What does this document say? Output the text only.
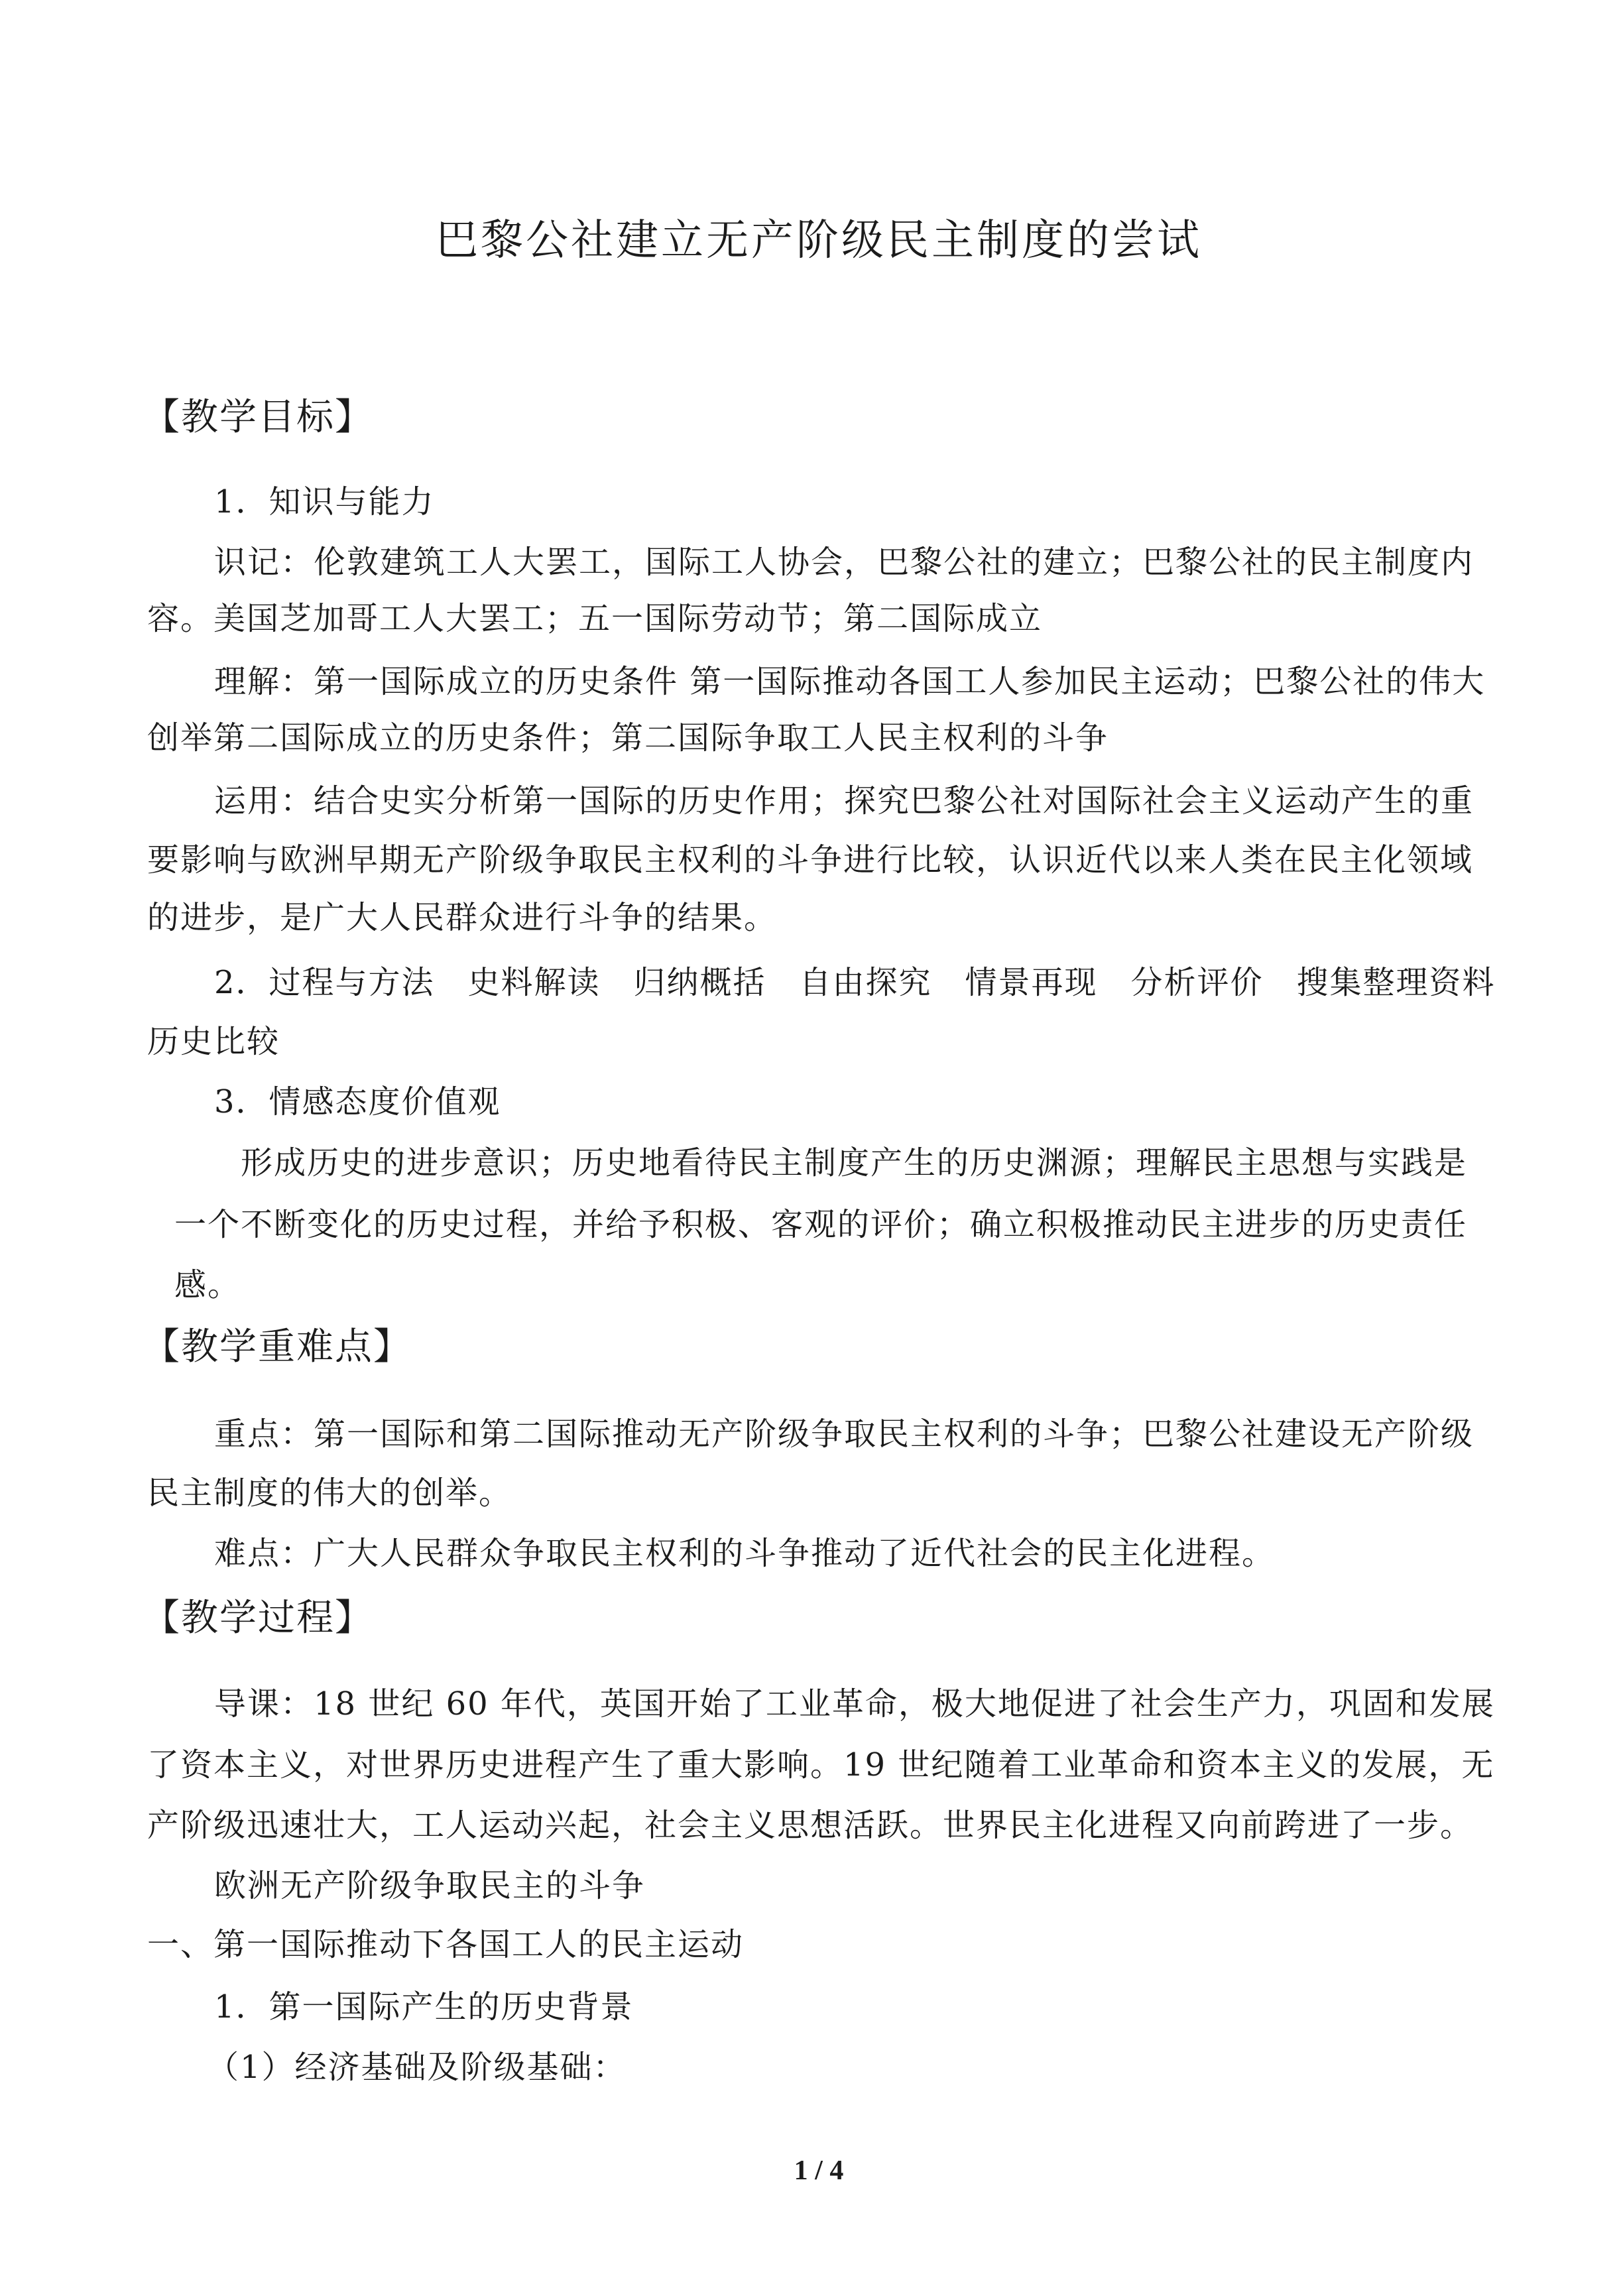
巴黎公社建立无产阶级民主制度的尝试
【教学目标】
1．知识与能力
识记：伦敦建筑工人大罢工，国际工人协会，巴黎公社的建立；巴黎公社的民主制度内
容。美国芝加哥工人大罢工；五一国际劳动节；第二国际成立
理解：第一国际成立的历史条件 第一国际推动各国工人参加民主运动；巴黎公社的伟大
创举第二国际成立的历史条件；第二国际争取工人民主权利的斗争
运用：结合史实分析第一国际的历史作用；探究巴黎公社对国际社会主义运动产生的重
要影响与欧洲早期无产阶级争取民主权利的斗争进行比较，认识近代以来人类在民主化领域
的进步，是广大人民群众进行斗争的结果。
2．过程与方法　史料解读　归纳概括　自由探究　情景再现　分析评价　搜集整理资料
历史比较
3．情感态度价值观
形成历史的进步意识；历史地看待民主制度产生的历史渊源；理解民主思想与实践是
一个不断变化的历史过程，并给予积极、客观的评价；确立积极推动民主进步的历史责任
感。
【教学重难点】
重点：第一国际和第二国际推动无产阶级争取民主权利的斗争；巴黎公社建设无产阶级
民主制度的伟大的创举。
难点：广大人民群众争取民主权利的斗争推动了近代社会的民主化进程。
【教学过程】
导课：18 世纪 60 年代，英国开始了工业革命，极大地促进了社会生产力，巩固和发展
了资本主义，对世界历史进程产生了重大影响。19 世纪随着工业革命和资本主义的发展，无
产阶级迅速壮大，工人运动兴起，社会主义思想活跃。世界民主化进程又向前跨进了一步。
欧洲无产阶级争取民主的斗争
一、第一国际推动下各国工人的民主运动
1．第一国际产生的历史背景
（1）经济基础及阶级基础：
1 / 4
